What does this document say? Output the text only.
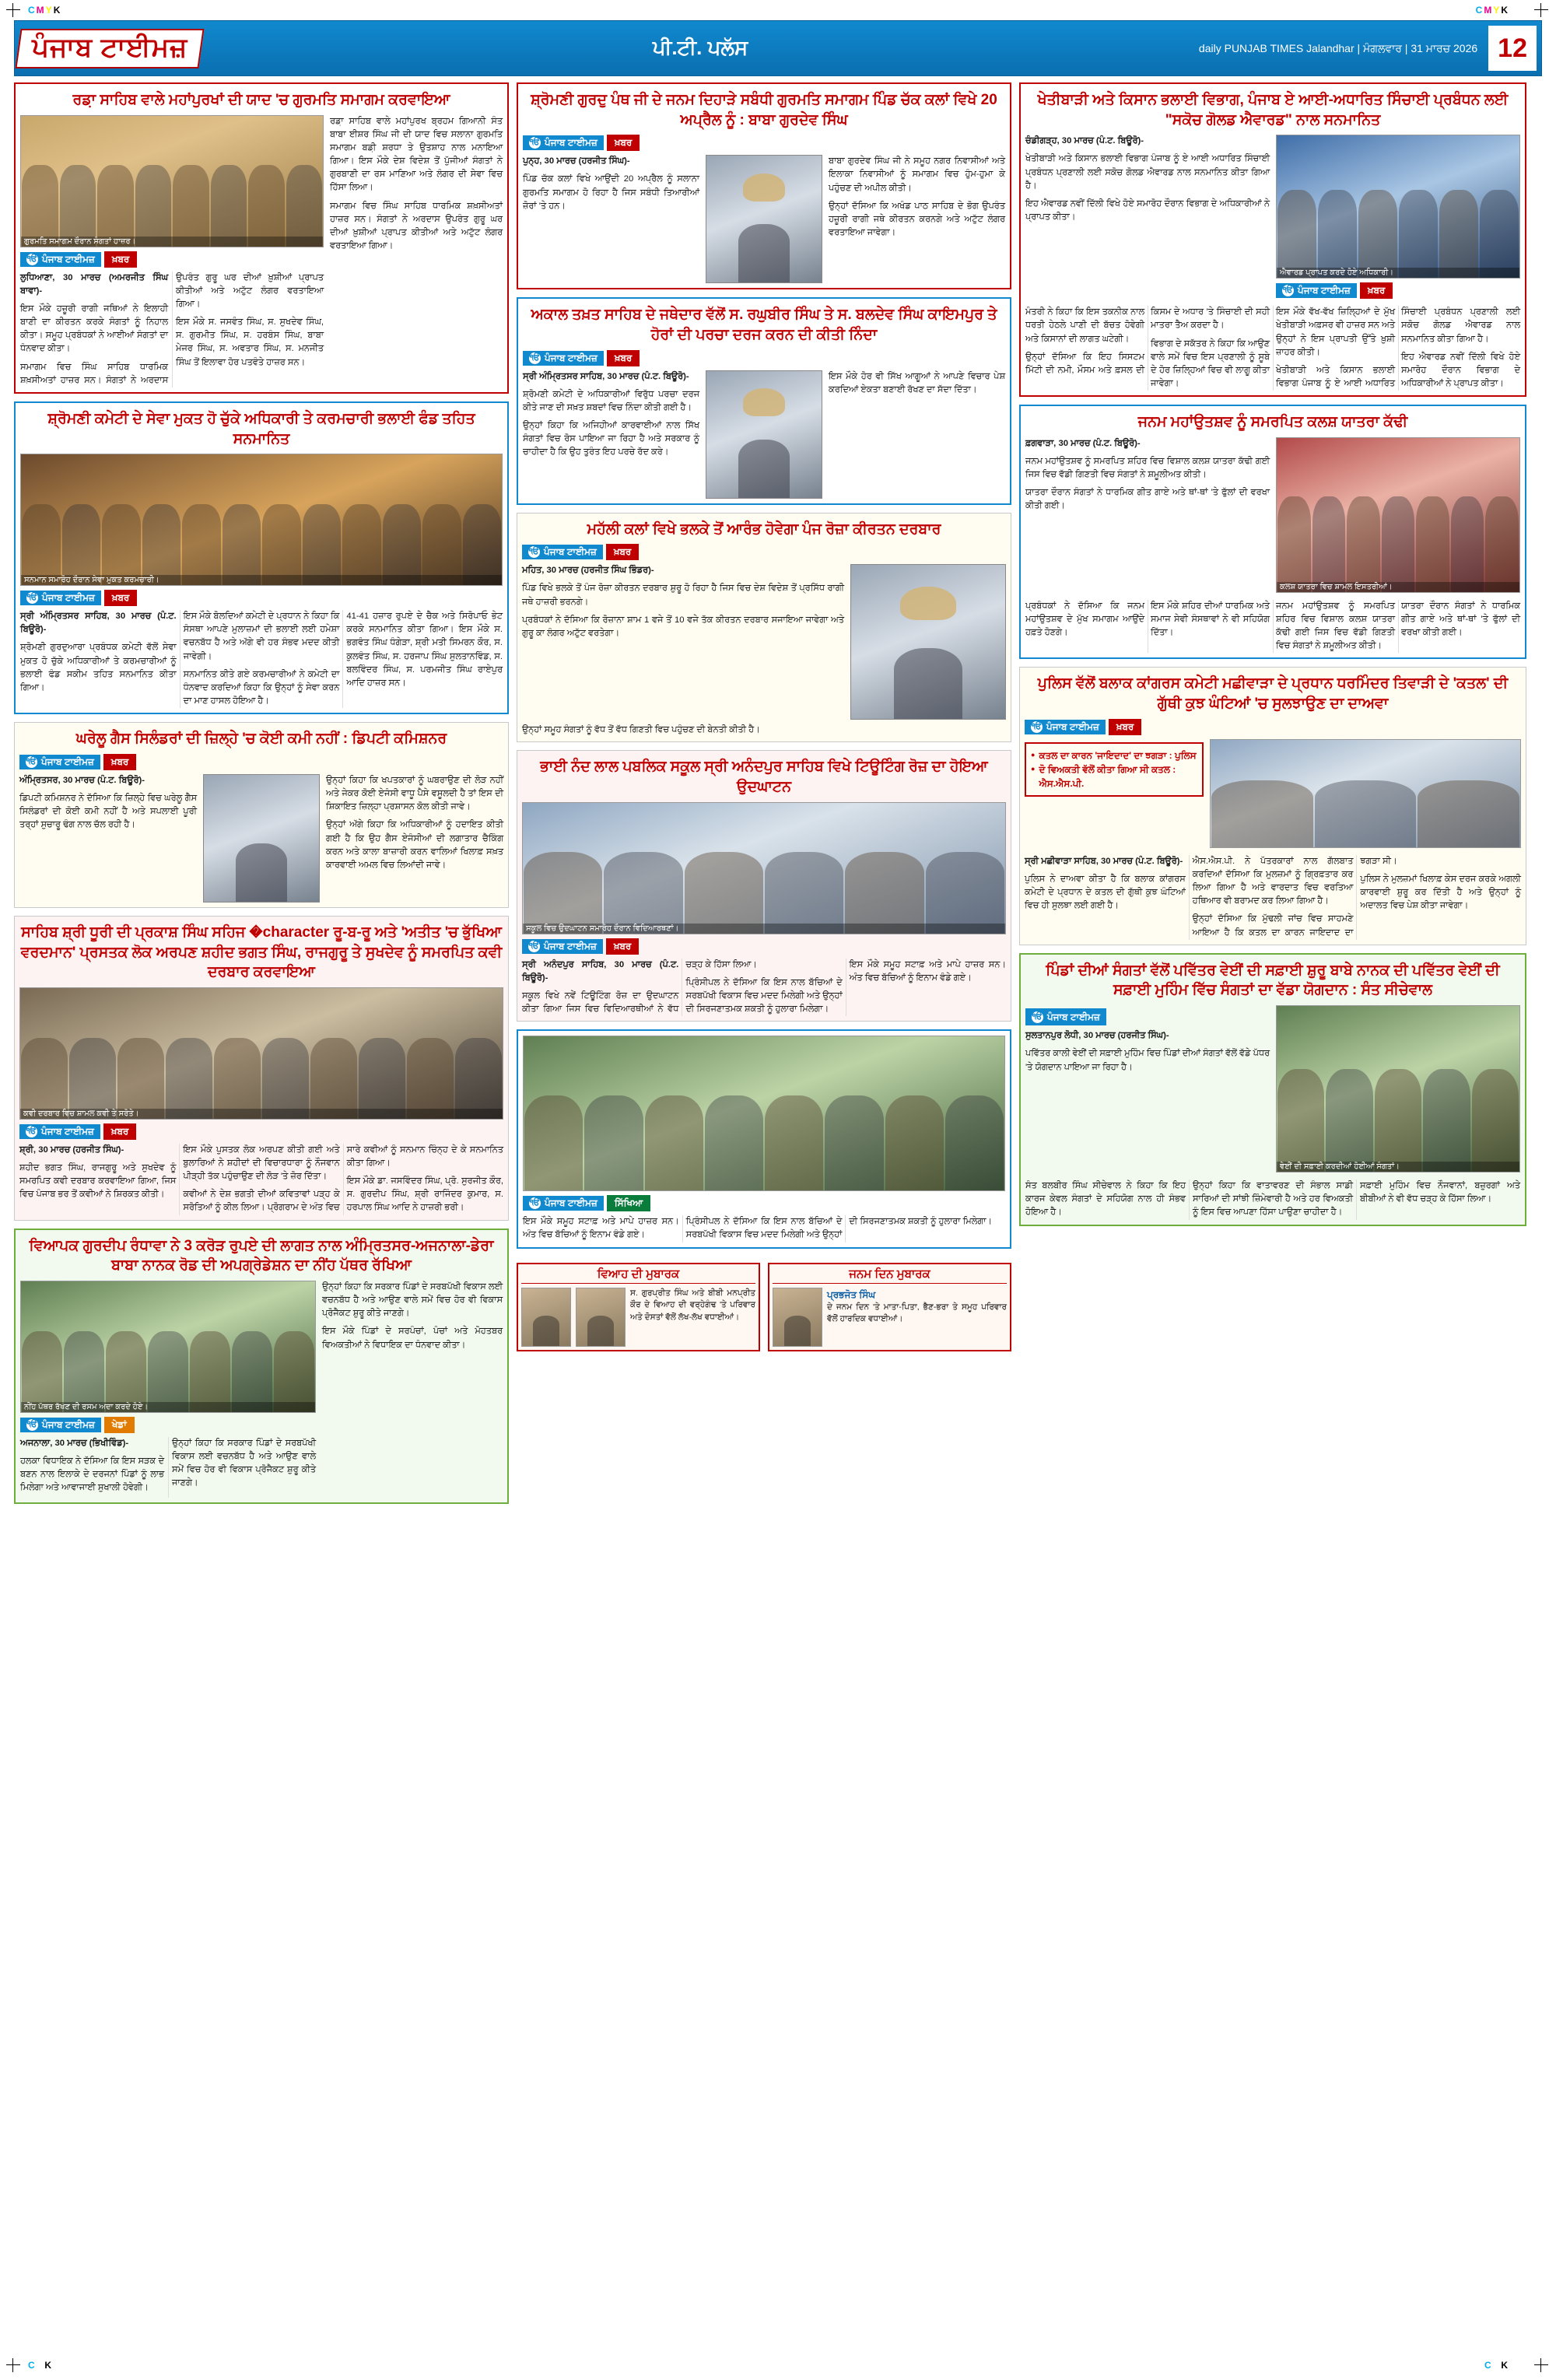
CMYK	CMYK
ਪੰਜਾਬ ਟਾਈਮਜ਼	ਪੀ.ਟੀ. ਪਲੱਸ	daily PUNJAB TIMES Jalandhar | ਮੰਗਲਵਾਰ | 31 ਮਾਰਚ 2026 12
ਰਡ਼ਾ ਸਾਹਿਬ ਵਾਲੇ ਮਹਾਂਪੁਰਖਾਂ ਦੀ ਯਾਦ 'ਚ ਗੁਰਮਤਿ ਸਮਾਗਮ ਕਰਵਾਇਆ
ਗੁਰਮਤਿ ਸਮਾਗਮ ਦੌਰਾਨ ਸੰਗਤਾਂ ਹਾਜ਼ਰ।
ੴ ਪੰਜਾਬ ਟਾਈਮਜ਼	ਖ਼ਬਰ

ਲੁਧਿਆਣਾ, 30 ਮਾਰਚ (ਅਮਰਜੀਤ ਸਿੰਘ ਬਾਵਾ)-

ਇਸ ਮੌਕੇ ਹਜ਼ੂਰੀ ਰਾਗੀ ਜਥਿਆਂ ਨੇ ਇਲਾਹੀ ਬਾਣੀ ਦਾ ਕੀਰਤਨ ਕਰਕੇ ਸੰਗਤਾਂ ਨੂੰ ਨਿਹਾਲ ਕੀਤਾ। ਸਮੂਹ ਪ੍ਰਬੰਧਕਾਂ ਨੇ ਆਈਆਂ ਸੰਗਤਾਂ ਦਾ ਧੰਨਵਾਦ ਕੀਤਾ।

ਸਮਾਗਮ ਵਿਚ ਸਿੰਘ ਸਾਹਿਬ ਧਾਰਮਿਕ ਸ਼ਖ਼ਸੀਅਤਾਂ ਹਾਜ਼ਰ ਸਨ। ਸੰਗਤਾਂ ਨੇ ਅਰਦਾਸ ਉਪਰੰਤ ਗੁਰੂ ਘਰ ਦੀਆਂ ਖ਼ੁਸ਼ੀਆਂ ਪ੍ਰਾਪਤ ਕੀਤੀਆਂ ਅਤੇ ਅਟੁੱਟ ਲੰਗਰ ਵਰਤਾਇਆ ਗਿਆ।

ਇਸ ਮੌਕੇ ਸ. ਜਸਵੰਤ ਸਿੰਘ, ਸ. ਸੁਖਦੇਵ ਸਿੰਘ, ਸ. ਗੁਰਮੀਤ ਸਿੰਘ, ਸ. ਹਰਬੰਸ ਸਿੰਘ, ਬਾਬਾ ਮੇਜਰ ਸਿੰਘ, ਸ. ਅਵਤਾਰ ਸਿੰਘ, ਸ. ਮਨਜੀਤ ਸਿੰਘ ਤੋਂ ਇਲਾਵਾ ਹੋਰ ਪਤਵੰਤੇ ਹਾਜ਼ਰ ਸਨ।

ਰਡ਼ਾ ਸਾਹਿਬ ਵਾਲੇ ਮਹਾਂਪੁਰਖ ਬ੍ਰਹਮ ਗਿਆਨੀ ਸੰਤ ਬਾਬਾ ਈਸ਼ਰ ਸਿੰਘ ਜੀ ਦੀ ਯਾਦ ਵਿਚ ਸਲਾਨਾ ਗੁਰਮਤਿ ਸਮਾਗਮ ਬਡ਼ੀ ਸ਼ਰਧਾ ਤੇ ਉਤਸ਼ਾਹ ਨਾਲ ਮਨਾਇਆ ਗਿਆ। ਇਸ ਮੌਕੇ ਦੇਸ਼ ਵਿਦੇਸ਼ ਤੋਂ ਪੁੱਜੀਆਂ ਸੰਗਤਾਂ ਨੇ ਗੁਰਬਾਣੀ ਦਾ ਰਸ ਮਾਣਿਆ ਅਤੇ ਲੰਗਰ ਦੀ ਸੇਵਾ ਵਿਚ ਹਿੱਸਾ ਲਿਆ।

ਸਮਾਗਮ ਵਿਚ ਸਿੰਘ ਸਾਹਿਬ ਧਾਰਮਿਕ ਸ਼ਖ਼ਸੀਅਤਾਂ ਹਾਜ਼ਰ ਸਨ। ਸੰਗਤਾਂ ਨੇ ਅਰਦਾਸ ਉਪਰੰਤ ਗੁਰੂ ਘਰ ਦੀਆਂ ਖ਼ੁਸ਼ੀਆਂ ਪ੍ਰਾਪਤ ਕੀਤੀਆਂ ਅਤੇ ਅਟੁੱਟ ਲੰਗਰ ਵਰਤਾਇਆ ਗਿਆ।

ਸ਼੍ਰੋਮਣੀ ਕਮੇਟੀ ਦੇ ਸੇਵਾ ਮੁਕਤ ਹੋ ਚੁੱਕੇ ਅਧਿਕਾਰੀ ਤੇ ਕਰਮਚਾਰੀ ਭਲਾਈ ਫੰਡ ਤਹਿਤ ਸਨਮਾਨਿਤ
ਸਨਮਾਨ ਸਮਾਰੋਹ ਦੌਰਾਨ ਸੇਵਾ ਮੁਕਤ ਕਰਮਚਾਰੀ।
ੴ ਪੰਜਾਬ ਟਾਈਮਜ਼	ਖ਼ਬਰ

ਸ੍ਰੀ ਅੰਮ੍ਰਿਤਸਰ ਸਾਹਿਬ, 30 ਮਾਰਚ (ਪੰ.ਟ. ਬਿਊਰੋ)-

ਸ਼੍ਰੋਮਣੀ ਗੁਰਦੁਆਰਾ ਪ੍ਰਬੰਧਕ ਕਮੇਟੀ ਵੱਲੋਂ ਸੇਵਾ ਮੁਕਤ ਹੋ ਚੁੱਕੇ ਅਧਿਕਾਰੀਆਂ ਤੇ ਕਰਮਚਾਰੀਆਂ ਨੂੰ ਭਲਾਈ ਫੰਡ ਸਕੀਮ ਤਹਿਤ ਸਨਮਾਨਿਤ ਕੀਤਾ ਗਿਆ।

ਇਸ ਮੌਕੇ ਬੋਲਦਿਆਂ ਕਮੇਟੀ ਦੇ ਪ੍ਰਧਾਨ ਨੇ ਕਿਹਾ ਕਿ ਸੰਸਥਾ ਆਪਣੇ ਮੁਲਾਜ਼ਮਾਂ ਦੀ ਭਲਾਈ ਲਈ ਹਮੇਸ਼ਾ ਵਚਨਬੱਧ ਹੈ ਅਤੇ ਅੱਗੇ ਵੀ ਹਰ ਸੰਭਵ ਮਦਦ ਕੀਤੀ ਜਾਵੇਗੀ।

ਸਨਮਾਨਿਤ ਕੀਤੇ ਗਏ ਕਰਮਚਾਰੀਆਂ ਨੇ ਕਮੇਟੀ ਦਾ ਧੰਨਵਾਦ ਕਰਦਿਆਂ ਕਿਹਾ ਕਿ ਉਨ੍ਹਾਂ ਨੂੰ ਸੇਵਾ ਕਰਨ ਦਾ ਮਾਣ ਹਾਸਲ ਹੋਇਆ ਹੈ।

41-41 ਹਜ਼ਾਰ ਰੁਪਏ ਦੇ ਚੈਕ ਅਤੇ ਸਿਰੋਪਾਓ ਭੇਟ ਕਰਕੇ ਸਨਮਾਨਿਤ ਕੀਤਾ ਗਿਆ। ਇਸ ਮੌਕੇ ਸ. ਭਗਵੰਤ ਸਿੰਘ ਧੰਗੇੜਾ, ਸ਼੍ਰੀ ਮਤੀ ਸਿਮਰਨ ਕੌਰ, ਸ. ਕੁਲਵੰਤ ਸਿੰਘ, ਸ. ਹਰਜਾਪ ਸਿੰਘ ਸੁਲਤਾਨਵਿੰਡ, ਸ. ਬਲਵਿੰਦਰ ਸਿੰਘ, ਸ. ਪਰਮਜੀਤ ਸਿੰਘ ਰਾਏਪੁਰ ਆਦਿ ਹਾਜ਼ਰ ਸਨ।

ਘਰੇਲੂ ਗੈਸ ਸਿਲੰਡਰਾਂ ਦੀ ਜ਼ਿਲ੍ਹੇ 'ਚ ਕੋਈ ਕਮੀ ਨਹੀਂ : ਡਿਪਟੀ ਕਮਿਸ਼ਨਰ
ੴ ਪੰਜਾਬ ਟਾਈਮਜ਼	ਖ਼ਬਰ

ਅੰਮ੍ਰਿਤਸਰ, 30 ਮਾਰਚ (ਪੰ.ਟ. ਬਿਊਰੋ)-

ਡਿਪਟੀ ਕਮਿਸ਼ਨਰ ਨੇ ਦੱਸਿਆ ਕਿ ਜ਼ਿਲ੍ਹੇ ਵਿਚ ਘਰੇਲੂ ਗੈਸ ਸਿਲੰਡਰਾਂ ਦੀ ਕੋਈ ਕਮੀ ਨਹੀਂ ਹੈ ਅਤੇ ਸਪਲਾਈ ਪੂਰੀ ਤਰ੍ਹਾਂ ਸੁਚਾਰੂ ਢੰਗ ਨਾਲ ਚੱਲ ਰਹੀ ਹੈ।

ਉਨ੍ਹਾਂ ਕਿਹਾ ਕਿ ਖਪਤਕਾਰਾਂ ਨੂੰ ਘਬਰਾਉਣ ਦੀ ਲੋੜ ਨਹੀਂ ਅਤੇ ਜੇਕਰ ਕੋਈ ਏਜੰਸੀ ਵਾਧੂ ਪੈਸੇ ਵਸੂਲਦੀ ਹੈ ਤਾਂ ਇਸ ਦੀ ਸ਼ਿਕਾਇਤ ਜ਼ਿਲ੍ਹਾ ਪ੍ਰਸ਼ਾਸਨ ਕੋਲ ਕੀਤੀ ਜਾਵੇ।

ਉਨ੍ਹਾਂ ਅੱਗੇ ਕਿਹਾ ਕਿ ਅਧਿਕਾਰੀਆਂ ਨੂੰ ਹਦਾਇਤ ਕੀਤੀ ਗਈ ਹੈ ਕਿ ਉਹ ਗੈਸ ਏਜੰਸੀਆਂ ਦੀ ਲਗਾਤਾਰ ਚੈਕਿੰਗ ਕਰਨ ਅਤੇ ਕਾਲਾ ਬਾਜ਼ਾਰੀ ਕਰਨ ਵਾਲਿਆਂ ਖਿਲਾਫ਼ ਸਖ਼ਤ ਕਾਰਵਾਈ ਅਮਲ ਵਿਚ ਲਿਆਂਦੀ ਜਾਵੇ।

ਸਾਹਿਬ ਸ਼੍ਰੀ ਧੂਰੀ ਦੀ ਪ੍ਰਕਾਸ਼ ਸਿੰਘ ਸਹਿਜ �character ਰੂ-ਬ-ਰੂ ਅਤੇ 'ਅਤੀਤ 'ਚ ਭੁੱਖਿਆ ਵਰਦਮਾਨ' ਪ੍ਰਸਤਕ ਲੋਕ ਅਰਪਣ ਸ਼ਹੀਦ ਭਗਤ ਸਿੰਘ, ਰਾਜਗੁਰੂ ਤੇ ਸੁਖਦੇਵ ਨੂੰ ਸਮਰਪਿਤ ਕਵੀ ਦਰਬਾਰ ਕਰਵਾਇਆ
ਕਵੀ ਦਰਬਾਰ ਵਿਚ ਸ਼ਾਮਲ ਕਵੀ ਤੇ ਸਰੋਤੇ।
ੴ ਪੰਜਾਬ ਟਾਈਮਜ਼	ਖ਼ਬਰ

ਸ਼੍ਰੀ, 30 ਮਾਰਚ (ਹਰਜੀਤ ਸਿੰਘ)-

ਸ਼ਹੀਦ ਭਗਤ ਸਿੰਘ, ਰਾਜਗੁਰੂ ਅਤੇ ਸੁਖਦੇਵ ਨੂੰ ਸਮਰਪਿਤ ਕਵੀ ਦਰਬਾਰ ਕਰਵਾਇਆ ਗਿਆ, ਜਿਸ ਵਿਚ ਪੰਜਾਬ ਭਰ ਤੋਂ ਕਵੀਆਂ ਨੇ ਸ਼ਿਰਕਤ ਕੀਤੀ।

ਇਸ ਮੌਕੇ ਪੁਸਤਕ ਲੋਕ ਅਰਪਣ ਕੀਤੀ ਗਈ ਅਤੇ ਬੁਲਾਰਿਆਂ ਨੇ ਸ਼ਹੀਦਾਂ ਦੀ ਵਿਚਾਰਧਾਰਾ ਨੂੰ ਨੌਜਵਾਨ ਪੀੜ੍ਹੀ ਤੱਕ ਪਹੁੰਚਾਉਣ ਦੀ ਲੋੜ 'ਤੇ ਜ਼ੋਰ ਦਿੱਤਾ।

ਕਵੀਆਂ ਨੇ ਦੇਸ਼ ਭਗਤੀ ਦੀਆਂ ਕਵਿਤਾਵਾਂ ਪੜ੍ਹ ਕੇ ਸਰੋਤਿਆਂ ਨੂੰ ਕੀਲ ਲਿਆ। ਪ੍ਰੋਗਰਾਮ ਦੇ ਅੰਤ ਵਿਚ ਸਾਰੇ ਕਵੀਆਂ ਨੂੰ ਸਨਮਾਨ ਚਿੰਨ੍ਹ ਦੇ ਕੇ ਸਨਮਾਨਿਤ ਕੀਤਾ ਗਿਆ।

ਇਸ ਮੌਕੇ ਡਾ. ਜਸਵਿੰਦਰ ਸਿੰਘ, ਪ੍ਰੋ. ਸੁਰਜੀਤ ਕੌਰ, ਸ. ਗੁਰਦੀਪ ਸਿੰਘ, ਸ਼੍ਰੀ ਰਾਜਿੰਦਰ ਕੁਮਾਰ, ਸ. ਹਰਪਾਲ ਸਿੰਘ ਆਦਿ ਨੇ ਹਾਜ਼ਰੀ ਭਰੀ।

ਵਿਆਪਕ ਗੁਰਦੀਪ ਰੰਧਾਵਾ ਨੇ 3 ਕਰੋੜ ਰੁਪਏ ਦੀ ਲਾਗਤ ਨਾਲ ਅੰਮ੍ਰਿਤਸਰ-ਅਜਨਾਲਾ-ਡੇਰਾ ਬਾਬਾ ਨਾਨਕ ਰੋਡ ਦੀ ਅਪਗ੍ਰੇਡੇਸ਼ਨ ਦਾ ਨੀਂਹ ਪੱਥਰ ਰੱਖਿਆ
ਨੀਂਹ ਪੱਥਰ ਰੱਖਣ ਦੀ ਰਸਮ ਅਦਾ ਕਰਦੇ ਹੋਏ।
ੴ ਪੰਜਾਬ ਟਾਈਮਜ਼	ਖੇਡਾਂ

ਅਜਨਾਲਾ, 30 ਮਾਰਚ (ਭਿਖੀਵਿੰਡ)-

ਹਲਕਾ ਵਿਧਾਇਕ ਨੇ ਦੱਸਿਆ ਕਿ ਇਸ ਸੜਕ ਦੇ ਬਣਨ ਨਾਲ ਇਲਾਕੇ ਦੇ ਦਰਜਨਾਂ ਪਿੰਡਾਂ ਨੂੰ ਲਾਭ ਮਿਲੇਗਾ ਅਤੇ ਆਵਾਜਾਈ ਸੁਖਾਲੀ ਹੋਵੇਗੀ।

ਉਨ੍ਹਾਂ ਕਿਹਾ ਕਿ ਸਰਕਾਰ ਪਿੰਡਾਂ ਦੇ ਸਰਬਪੱਖੀ ਵਿਕਾਸ ਲਈ ਵਚਨਬੱਧ ਹੈ ਅਤੇ ਆਉਣ ਵਾਲੇ ਸਮੇਂ ਵਿਚ ਹੋਰ ਵੀ ਵਿਕਾਸ ਪ੍ਰੋਜੈਕਟ ਸ਼ੁਰੂ ਕੀਤੇ ਜਾਣਗੇ।

ਉਨ੍ਹਾਂ ਕਿਹਾ ਕਿ ਸਰਕਾਰ ਪਿੰਡਾਂ ਦੇ ਸਰਬਪੱਖੀ ਵਿਕਾਸ ਲਈ ਵਚਨਬੱਧ ਹੈ ਅਤੇ ਆਉਣ ਵਾਲੇ ਸਮੇਂ ਵਿਚ ਹੋਰ ਵੀ ਵਿਕਾਸ ਪ੍ਰੋਜੈਕਟ ਸ਼ੁਰੂ ਕੀਤੇ ਜਾਣਗੇ।

ਇਸ ਮੌਕੇ ਪਿੰਡਾਂ ਦੇ ਸਰਪੰਚਾਂ, ਪੰਚਾਂ ਅਤੇ ਮੋਹਤਬਰ ਵਿਅਕਤੀਆਂ ਨੇ ਵਿਧਾਇਕ ਦਾ ਧੰਨਵਾਦ ਕੀਤਾ।

ਸ਼੍ਰੋਮਣੀ ਗੁਰਦੁ ਪੰਥ ਜੀ ਦੇ ਜਨਮ ਦਿਹਾੜੇ ਸਬੰਧੀ ਗੁਰਮਤਿ ਸਮਾਗਮ ਪਿੰਡ ਚੱਕ ਕਲਾਂ ਵਿਖੇ 20 ਅਪ੍ਰੈਲ ਨੂੰ : ਬਾਬਾ ਗੁਰਦੇਵ ਸਿੰਘ
ੴ ਪੰਜਾਬ ਟਾਈਮਜ਼	ਖ਼ਬਰ

ਪੁਨ੍ਹ, 30 ਮਾਰਚ (ਹਰਜੀਤ ਸਿੰਘ)-

ਪਿੰਡ ਚੱਕ ਕਲਾਂ ਵਿਖੇ ਆਉਂਦੀ 20 ਅਪ੍ਰੈਲ ਨੂੰ ਸਲਾਨਾ ਗੁਰਮਤਿ ਸਮਾਗਮ ਹੋ ਰਿਹਾ ਹੈ ਜਿਸ ਸਬੰਧੀ ਤਿਆਰੀਆਂ ਜ਼ੋਰਾਂ 'ਤੇ ਹਨ।

ਬਾਬਾ ਗੁਰਦੇਵ ਸਿੰਘ ਜੀ ਨੇ ਸਮੂਹ ਨਗਰ ਨਿਵਾਸੀਆਂ ਅਤੇ ਇਲਾਕਾ ਨਿਵਾਸੀਆਂ ਨੂੰ ਸਮਾਗਮ ਵਿਚ ਹੁੰਮ-ਹੁਮਾ ਕੇ ਪਹੁੰਚਣ ਦੀ ਅਪੀਲ ਕੀਤੀ।

ਉਨ੍ਹਾਂ ਦੱਸਿਆ ਕਿ ਅਖੰਡ ਪਾਠ ਸਾਹਿਬ ਦੇ ਭੋਗ ਉਪਰੰਤ ਹਜ਼ੂਰੀ ਰਾਗੀ ਜਥੇ ਕੀਰਤਨ ਕਰਨਗੇ ਅਤੇ ਅਟੁੱਟ ਲੰਗਰ ਵਰਤਾਇਆ ਜਾਵੇਗਾ।

ਅਕਾਲ ਤਖ਼ਤ ਸਾਹਿਬ ਦੇ ਜਥੇਦਾਰ ਵੱਲੋਂ ਸ. ਰਘੁਬੀਰ ਸਿੰਘ ਤੇ ਸ. ਬਲਦੇਵ ਸਿੰਘ ਕਾਇਮਪੁਰ ਤੇ ਹੋਰਾਂ ਦੀ ਪਰਚਾ ਦਰਜ ਕਰਨ ਦੀ ਕੀਤੀ ਨਿੰਦਾ
ੴ ਪੰਜਾਬ ਟਾਈਮਜ਼	ਖ਼ਬਰ

ਸ੍ਰੀ ਅੰਮ੍ਰਿਤਸਰ ਸਾਹਿਬ, 30 ਮਾਰਚ (ਪੰ.ਟ. ਬਿਊਰੋ)-

ਸ਼੍ਰੋਮਣੀ ਕਮੇਟੀ ਦੇ ਅਧਿਕਾਰੀਆਂ ਵਿਰੁੱਧ ਪਰਚਾ ਦਰਜ ਕੀਤੇ ਜਾਣ ਦੀ ਸਖ਼ਤ ਸ਼ਬਦਾਂ ਵਿਚ ਨਿੰਦਾ ਕੀਤੀ ਗਈ ਹੈ।

ਉਨ੍ਹਾਂ ਕਿਹਾ ਕਿ ਅਜਿਹੀਆਂ ਕਾਰਵਾਈਆਂ ਨਾਲ ਸਿੱਖ ਸੰਗਤਾਂ ਵਿਚ ਰੋਸ ਪਾਇਆ ਜਾ ਰਿਹਾ ਹੈ ਅਤੇ ਸਰਕਾਰ ਨੂੰ ਚਾਹੀਦਾ ਹੈ ਕਿ ਉਹ ਤੁਰੰਤ ਇਹ ਪਰਚੇ ਰੱਦ ਕਰੇ।

ਇਸ ਮੌਕੇ ਹੋਰ ਵੀ ਸਿੱਖ ਆਗੂਆਂ ਨੇ ਆਪਣੇ ਵਿਚਾਰ ਪੇਸ਼ ਕਰਦਿਆਂ ਏਕਤਾ ਬਣਾਈ ਰੱਖਣ ਦਾ ਸੱਦਾ ਦਿੱਤਾ।

ਮਹੱਲੀ ਕਲਾਂ ਵਿਖੇ ਭਲਕੇ ਤੋਂ ਆਰੰਭ ਹੋਵੇਗਾ ਪੰਜ ਰੋਜ਼ਾ ਕੀਰਤਨ ਦਰਬਾਰ
ੴ ਪੰਜਾਬ ਟਾਈਮਜ਼	ਖ਼ਬਰ

ਮਹਿਤ, 30 ਮਾਰਚ (ਹਰਜੀਤ ਸਿੰਘ ਭਿੰਡਰ)-

ਪਿੰਡ ਵਿਖੇ ਭਲਕੇ ਤੋਂ ਪੰਜ ਰੋਜ਼ਾ ਕੀਰਤਨ ਦਰਬਾਰ ਸ਼ੁਰੂ ਹੋ ਰਿਹਾ ਹੈ ਜਿਸ ਵਿਚ ਦੇਸ਼ ਵਿਦੇਸ਼ ਤੋਂ ਪ੍ਰਸਿੱਧ ਰਾਗੀ ਜਥੇ ਹਾਜ਼ਰੀ ਭਰਨਗੇ।

ਪ੍ਰਬੰਧਕਾਂ ਨੇ ਦੱਸਿਆ ਕਿ ਰੋਜ਼ਾਨਾ ਸ਼ਾਮ 1 ਵਜੇ ਤੋਂ 10 ਵਜੇ ਤੱਕ ਕੀਰਤਨ ਦਰਬਾਰ ਸਜਾਇਆ ਜਾਵੇਗਾ ਅਤੇ ਗੁਰੂ ਕਾ ਲੰਗਰ ਅਟੁੱਟ ਵਰਤੇਗਾ।

ਉਨ੍ਹਾਂ ਸਮੂਹ ਸੰਗਤਾਂ ਨੂੰ ਵੱਧ ਤੋਂ ਵੱਧ ਗਿਣਤੀ ਵਿਚ ਪਹੁੰਚਣ ਦੀ ਬੇਨਤੀ ਕੀਤੀ ਹੈ।

ਭਾਈ ਨੰਦ ਲਾਲ ਪਬਲਿਕ ਸਕੂਲ ਸ੍ਰੀ ਅਨੰਦਪੁਰ ਸਾਹਿਬ ਵਿਖੇ ਟਿਊਟਿੰਗ ਰੋਜ਼ ਦਾ ਹੋਇਆ ਉਦਘਾਟਨ
ਸਕੂਲ ਵਿਚ ਉਦਘਾਟਨ ਸਮਾਰੋਹ ਦੌਰਾਨ ਵਿਦਿਆਰਥਣਾਂ।
ੴ ਪੰਜਾਬ ਟਾਈਮਜ਼	ਖ਼ਬਰ

ਸ੍ਰੀ ਅਨੰਦਪੁਰ ਸਾਹਿਬ, 30 ਮਾਰਚ (ਪੰ.ਟ. ਬਿਊਰੋ)-

ਸਕੂਲ ਵਿਖੇ ਨਵੇਂ ਟਿਊਟਿੰਗ ਰੋਜ਼ ਦਾ ਉਦਘਾਟਨ ਕੀਤਾ ਗਿਆ ਜਿਸ ਵਿਚ ਵਿਦਿਆਰਥੀਆਂ ਨੇ ਵੱਧ ਚੜ੍ਹ ਕੇ ਹਿੱਸਾ ਲਿਆ।

ਪ੍ਰਿੰਸੀਪਲ ਨੇ ਦੱਸਿਆ ਕਿ ਇਸ ਨਾਲ ਬੱਚਿਆਂ ਦੇ ਸਰਬਪੱਖੀ ਵਿਕਾਸ ਵਿਚ ਮਦਦ ਮਿਲੇਗੀ ਅਤੇ ਉਨ੍ਹਾਂ ਦੀ ਸਿਰਜਣਾਤਮਕ ਸ਼ਕਤੀ ਨੂੰ ਹੁਲਾਰਾ ਮਿਲੇਗਾ।

ਇਸ ਮੌਕੇ ਸਮੂਹ ਸਟਾਫ਼ ਅਤੇ ਮਾਪੇ ਹਾਜ਼ਰ ਸਨ। ਅੰਤ ਵਿਚ ਬੱਚਿਆਂ ਨੂੰ ਇਨਾਮ ਵੰਡੇ ਗਏ।

ੴ ਪੰਜਾਬ ਟਾਈਮਜ਼	ਸਿੱਖਿਆ

ਇਸ ਮੌਕੇ ਸਮੂਹ ਸਟਾਫ਼ ਅਤੇ ਮਾਪੇ ਹਾਜ਼ਰ ਸਨ। ਅੰਤ ਵਿਚ ਬੱਚਿਆਂ ਨੂੰ ਇਨਾਮ ਵੰਡੇ ਗਏ।

ਪ੍ਰਿੰਸੀਪਲ ਨੇ ਦੱਸਿਆ ਕਿ ਇਸ ਨਾਲ ਬੱਚਿਆਂ ਦੇ ਸਰਬਪੱਖੀ ਵਿਕਾਸ ਵਿਚ ਮਦਦ ਮਿਲੇਗੀ ਅਤੇ ਉਨ੍ਹਾਂ ਦੀ ਸਿਰਜਣਾਤਮਕ ਸ਼ਕਤੀ ਨੂੰ ਹੁਲਾਰਾ ਮਿਲੇਗਾ।

ਵਿਆਹ ਦੀ ਮੁਬਾਰਕ
ਸ. ਗੁਰਪ੍ਰੀਤ ਸਿੰਘ ਅਤੇ ਬੀਬੀ ਮਨਪ੍ਰੀਤ ਕੌਰ ਦੇ ਵਿਆਹ ਦੀ ਵਰ੍ਹੇਗੰਢ 'ਤੇ ਪਰਿਵਾਰ ਅਤੇ ਦੋਸਤਾਂ ਵੱਲੋਂ ਲੱਖ-ਲੱਖ ਵਧਾਈਆਂ।
ਜਨਮ ਦਿਨ ਮੁਬਾਰਕ
ਪ੍ਰਭਜੋਤ ਸਿੰਘ
ਦੇ ਜਨਮ ਦਿਨ 'ਤੇ ਮਾਤਾ-ਪਿਤਾ, ਭੈਣ-ਭਰਾ ਤੇ ਸਮੂਹ ਪਰਿਵਾਰ ਵੱਲੋਂ ਹਾਰਦਿਕ ਵਧਾਈਆਂ।
ਖੇਤੀਬਾੜੀ ਅਤੇ ਕਿਸਾਨ ਭਲਾਈ ਵਿਭਾਗ, ਪੰਜਾਬ ਏ ਆਈ-ਅਧਾਰਿਤ ਸਿੰਚਾਈ ਪ੍ਰਬੰਧਨ ਲਈ "ਸਕੋਚ ਗੋਲਡ ਐਵਾਰਡ" ਨਾਲ ਸਨਮਾਨਿਤ

ਚੰਡੀਗੜ੍ਹ, 30 ਮਾਰਚ (ਪੰ.ਟ. ਬਿਊਰੋ)-

ਖੇਤੀਬਾੜੀ ਅਤੇ ਕਿਸਾਨ ਭਲਾਈ ਵਿਭਾਗ ਪੰਜਾਬ ਨੂੰ ਏ ਆਈ ਅਧਾਰਿਤ ਸਿੰਚਾਈ ਪ੍ਰਬੰਧਨ ਪ੍ਰਣਾਲੀ ਲਈ ਸਕੋਚ ਗੋਲਡ ਐਵਾਰਡ ਨਾਲ ਸਨਮਾਨਿਤ ਕੀਤਾ ਗਿਆ ਹੈ।

ਇਹ ਐਵਾਰਡ ਨਵੀਂ ਦਿੱਲੀ ਵਿਖੇ ਹੋਏ ਸਮਾਰੋਹ ਦੌਰਾਨ ਵਿਭਾਗ ਦੇ ਅਧਿਕਾਰੀਆਂ ਨੇ ਪ੍ਰਾਪਤ ਕੀਤਾ।

ਐਵਾਰਡ ਪ੍ਰਾਪਤ ਕਰਦੇ ਹੋਏ ਅਧਿਕਾਰੀ।
ੴ ਪੰਜਾਬ ਟਾਈਮਜ਼	ਖ਼ਬਰ

ਮੰਤਰੀ ਨੇ ਕਿਹਾ ਕਿ ਇਸ ਤਕਨੀਕ ਨਾਲ ਧਰਤੀ ਹੇਠਲੇ ਪਾਣੀ ਦੀ ਬੱਚਤ ਹੋਵੇਗੀ ਅਤੇ ਕਿਸਾਨਾਂ ਦੀ ਲਾਗਤ ਘਟੇਗੀ।

ਉਨ੍ਹਾਂ ਦੱਸਿਆ ਕਿ ਇਹ ਸਿਸਟਮ ਮਿੱਟੀ ਦੀ ਨਮੀ, ਮੌਸਮ ਅਤੇ ਫ਼ਸਲ ਦੀ ਕਿਸਮ ਦੇ ਅਧਾਰ 'ਤੇ ਸਿੰਚਾਈ ਦੀ ਸਹੀ ਮਾਤਰਾ ਤੈਅ ਕਰਦਾ ਹੈ।

ਵਿਭਾਗ ਦੇ ਸਕੱਤਰ ਨੇ ਕਿਹਾ ਕਿ ਆਉਣ ਵਾਲੇ ਸਮੇਂ ਵਿਚ ਇਸ ਪ੍ਰਣਾਲੀ ਨੂੰ ਸੂਬੇ ਦੇ ਹੋਰ ਜ਼ਿਲ੍ਹਿਆਂ ਵਿਚ ਵੀ ਲਾਗੂ ਕੀਤਾ ਜਾਵੇਗਾ।

ਇਸ ਮੌਕੇ ਵੱਖ-ਵੱਖ ਜ਼ਿਲ੍ਹਿਆਂ ਦੇ ਮੁੱਖ ਖੇਤੀਬਾੜੀ ਅਫ਼ਸਰ ਵੀ ਹਾਜ਼ਰ ਸਨ ਅਤੇ ਉਨ੍ਹਾਂ ਨੇ ਇਸ ਪ੍ਰਾਪਤੀ ਉੱਤੇ ਖ਼ੁਸ਼ੀ ਜ਼ਾਹਰ ਕੀਤੀ।

ਖੇਤੀਬਾੜੀ ਅਤੇ ਕਿਸਾਨ ਭਲਾਈ ਵਿਭਾਗ ਪੰਜਾਬ ਨੂੰ ਏ ਆਈ ਅਧਾਰਿਤ ਸਿੰਚਾਈ ਪ੍ਰਬੰਧਨ ਪ੍ਰਣਾਲੀ ਲਈ ਸਕੋਚ ਗੋਲਡ ਐਵਾਰਡ ਨਾਲ ਸਨਮਾਨਿਤ ਕੀਤਾ ਗਿਆ ਹੈ।

ਇਹ ਐਵਾਰਡ ਨਵੀਂ ਦਿੱਲੀ ਵਿਖੇ ਹੋਏ ਸਮਾਰੋਹ ਦੌਰਾਨ ਵਿਭਾਗ ਦੇ ਅਧਿਕਾਰੀਆਂ ਨੇ ਪ੍ਰਾਪਤ ਕੀਤਾ।

ਜਨਮ ਮਹਾਂਉਤਸ਼ਵ ਨੂੰ ਸਮਰਪਿਤ ਕਲਸ਼ ਯਾਤਰਾ ਕੱਢੀ

ਫ਼ਗਵਾੜਾ, 30 ਮਾਰਚ (ਪੰ.ਟ. ਬਿਊਰੋ)-

ਜਨਮ ਮਹਾਂਉਤਸ਼ਵ ਨੂੰ ਸਮਰਪਿਤ ਸ਼ਹਿਰ ਵਿਚ ਵਿਸ਼ਾਲ ਕਲਸ਼ ਯਾਤਰਾ ਕੱਢੀ ਗਈ ਜਿਸ ਵਿਚ ਵੱਡੀ ਗਿਣਤੀ ਵਿਚ ਸੰਗਤਾਂ ਨੇ ਸ਼ਮੂਲੀਅਤ ਕੀਤੀ।

ਯਾਤਰਾ ਦੌਰਾਨ ਸੰਗਤਾਂ ਨੇ ਧਾਰਮਿਕ ਗੀਤ ਗਾਏ ਅਤੇ ਥਾਂ-ਥਾਂ 'ਤੇ ਫੁੱਲਾਂ ਦੀ ਵਰਖਾ ਕੀਤੀ ਗਈ।

ਕਲਸ਼ ਯਾਤਰਾ ਵਿਚ ਸ਼ਾਮਲ ਇਸਤਰੀਆਂ।

ਪ੍ਰਬੰਧਕਾਂ ਨੇ ਦੱਸਿਆ ਕਿ ਜਨਮ ਮਹਾਂਉਤਸ਼ਵ ਦੇ ਮੁੱਖ ਸਮਾਗਮ ਆਉਂਦੇ ਹਫ਼ਤੇ ਹੋਣਗੇ।

ਇਸ ਮੌਕੇ ਸ਼ਹਿਰ ਦੀਆਂ ਧਾਰਮਿਕ ਅਤੇ ਸਮਾਜ ਸੇਵੀ ਸੰਸਥਾਵਾਂ ਨੇ ਵੀ ਸਹਿਯੋਗ ਦਿੱਤਾ।

ਜਨਮ ਮਹਾਂਉਤਸ਼ਵ ਨੂੰ ਸਮਰਪਿਤ ਸ਼ਹਿਰ ਵਿਚ ਵਿਸ਼ਾਲ ਕਲਸ਼ ਯਾਤਰਾ ਕੱਢੀ ਗਈ ਜਿਸ ਵਿਚ ਵੱਡੀ ਗਿਣਤੀ ਵਿਚ ਸੰਗਤਾਂ ਨੇ ਸ਼ਮੂਲੀਅਤ ਕੀਤੀ।

ਯਾਤਰਾ ਦੌਰਾਨ ਸੰਗਤਾਂ ਨੇ ਧਾਰਮਿਕ ਗੀਤ ਗਾਏ ਅਤੇ ਥਾਂ-ਥਾਂ 'ਤੇ ਫੁੱਲਾਂ ਦੀ ਵਰਖਾ ਕੀਤੀ ਗਈ।

ਪੁਲਿਸ ਵੱਲੋਂ ਬਲਾਕ ਕਾਂਗਰਸ ਕਮੇਟੀ ਮਛੀਵਾੜਾ ਦੇ ਪ੍ਰਧਾਨ ਧਰਮਿੰਦਰ ਤਿਵਾੜੀ ਦੇ 'ਕਤਲ' ਦੀ ਗੁੱਥੀ ਕੁਝ ਘੰਟਿਆਂ 'ਚ ਸੁਲਝਾਉਣ ਦਾ ਦਾਅਵਾ
ੴ ਪੰਜਾਬ ਟਾਈਮਜ਼	ਖ਼ਬਰ
● ਕਤਲ ਦਾ ਕਾਰਨ 'ਜਾਇਦਾਦ' ਦਾ ਝਗੜਾ : ਪੁਲਿਸ
● ਦੋ ਵਿਅਕਤੀ ਵੱਲੋਂ ਕੀਤਾ ਗਿਆ ਸੀ ਕਤਲ : ਐਸ.ਐਸ.ਪੀ.

ਸ੍ਰੀ ਮਛੀਵਾੜਾ ਸਾਹਿਬ, 30 ਮਾਰਚ (ਪੰ.ਟ. ਬਿਊਰੋ)-

ਪੁਲਿਸ ਨੇ ਦਾਅਵਾ ਕੀਤਾ ਹੈ ਕਿ ਬਲਾਕ ਕਾਂਗਰਸ ਕਮੇਟੀ ਦੇ ਪ੍ਰਧਾਨ ਦੇ ਕਤਲ ਦੀ ਗੁੱਥੀ ਕੁਝ ਘੰਟਿਆਂ ਵਿਚ ਹੀ ਸੁਲਝਾ ਲਈ ਗਈ ਹੈ।

ਐਸ.ਐਸ.ਪੀ. ਨੇ ਪੱਤਰਕਾਰਾਂ ਨਾਲ ਗੱਲਬਾਤ ਕਰਦਿਆਂ ਦੱਸਿਆ ਕਿ ਮੁਲਜ਼ਮਾਂ ਨੂੰ ਗ੍ਰਿਫ਼ਤਾਰ ਕਰ ਲਿਆ ਗਿਆ ਹੈ ਅਤੇ ਵਾਰਦਾਤ ਵਿਚ ਵਰਤਿਆ ਹਥਿਆਰ ਵੀ ਬਰਾਮਦ ਕਰ ਲਿਆ ਗਿਆ ਹੈ।

ਉਨ੍ਹਾਂ ਦੱਸਿਆ ਕਿ ਮੁੱਢਲੀ ਜਾਂਚ ਵਿਚ ਸਾਹਮਣੇ ਆਇਆ ਹੈ ਕਿ ਕਤਲ ਦਾ ਕਾਰਨ ਜਾਇਦਾਦ ਦਾ ਝਗੜਾ ਸੀ।

ਪੁਲਿਸ ਨੇ ਮੁਲਜ਼ਮਾਂ ਖਿਲਾਫ਼ ਕੇਸ ਦਰਜ ਕਰਕੇ ਅਗਲੀ ਕਾਰਵਾਈ ਸ਼ੁਰੂ ਕਰ ਦਿੱਤੀ ਹੈ ਅਤੇ ਉਨ੍ਹਾਂ ਨੂੰ ਅਦਾਲਤ ਵਿਚ ਪੇਸ਼ ਕੀਤਾ ਜਾਵੇਗਾ।

ਪਿੰਡਾਂ ਦੀਆਂ ਸੰਗਤਾਂ ਵੱਲੋਂ ਪਵਿੱਤਰ ਵੇਈਂ ਦੀ ਸਫ਼ਾਈ ਸ਼ੁਰੂ ਬਾਬੇ ਨਾਨਕ ਦੀ ਪਵਿੱਤਰ ਵੇਈਂ ਦੀ ਸਫ਼ਾਈ ਮੁਹਿੰਮ ਵਿੱਚ ਸੰਗਤਾਂ ਦਾ ਵੱਡਾ ਯੋਗਦਾਨ : ਸੰਤ ਸੀਚੇਵਾਲ
ੴ ਪੰਜਾਬ ਟਾਈਮਜ਼

ਸੁਲਤਾਨਪੁਰ ਲੋਧੀ, 30 ਮਾਰਚ (ਹਰਜੀਤ ਸਿੰਘ)-

ਪਵਿੱਤਰ ਕਾਲੀ ਵੇਈਂ ਦੀ ਸਫ਼ਾਈ ਮੁਹਿੰਮ ਵਿਚ ਪਿੰਡਾਂ ਦੀਆਂ ਸੰਗਤਾਂ ਵੱਲੋਂ ਵੱਡੇ ਪੱਧਰ 'ਤੇ ਯੋਗਦਾਨ ਪਾਇਆ ਜਾ ਰਿਹਾ ਹੈ।

ਵੇਈਂ ਦੀ ਸਫ਼ਾਈ ਕਰਦੀਆਂ ਹੋਈਆਂ ਸੰਗਤਾਂ।

ਸੰਤ ਬਲਬੀਰ ਸਿੰਘ ਸੀਚੇਵਾਲ ਨੇ ਕਿਹਾ ਕਿ ਇਹ ਕਾਰਜ ਕੇਵਲ ਸੰਗਤਾਂ ਦੇ ਸਹਿਯੋਗ ਨਾਲ ਹੀ ਸੰਭਵ ਹੋਇਆ ਹੈ।

ਉਨ੍ਹਾਂ ਕਿਹਾ ਕਿ ਵਾਤਾਵਰਣ ਦੀ ਸੰਭਾਲ ਸਾਡੀ ਸਾਰਿਆਂ ਦੀ ਸਾਂਝੀ ਜ਼ਿੰਮੇਵਾਰੀ ਹੈ ਅਤੇ ਹਰ ਵਿਅਕਤੀ ਨੂੰ ਇਸ ਵਿਚ ਆਪਣਾ ਹਿੱਸਾ ਪਾਉਣਾ ਚਾਹੀਦਾ ਹੈ।

ਸਫ਼ਾਈ ਮੁਹਿੰਮ ਵਿਚ ਨੌਜਵਾਨਾਂ, ਬਜ਼ੁਰਗਾਂ ਅਤੇ ਬੀਬੀਆਂ ਨੇ ਵੀ ਵੱਧ ਚੜ੍ਹ ਕੇ ਹਿੱਸਾ ਲਿਆ।

C K	C K
